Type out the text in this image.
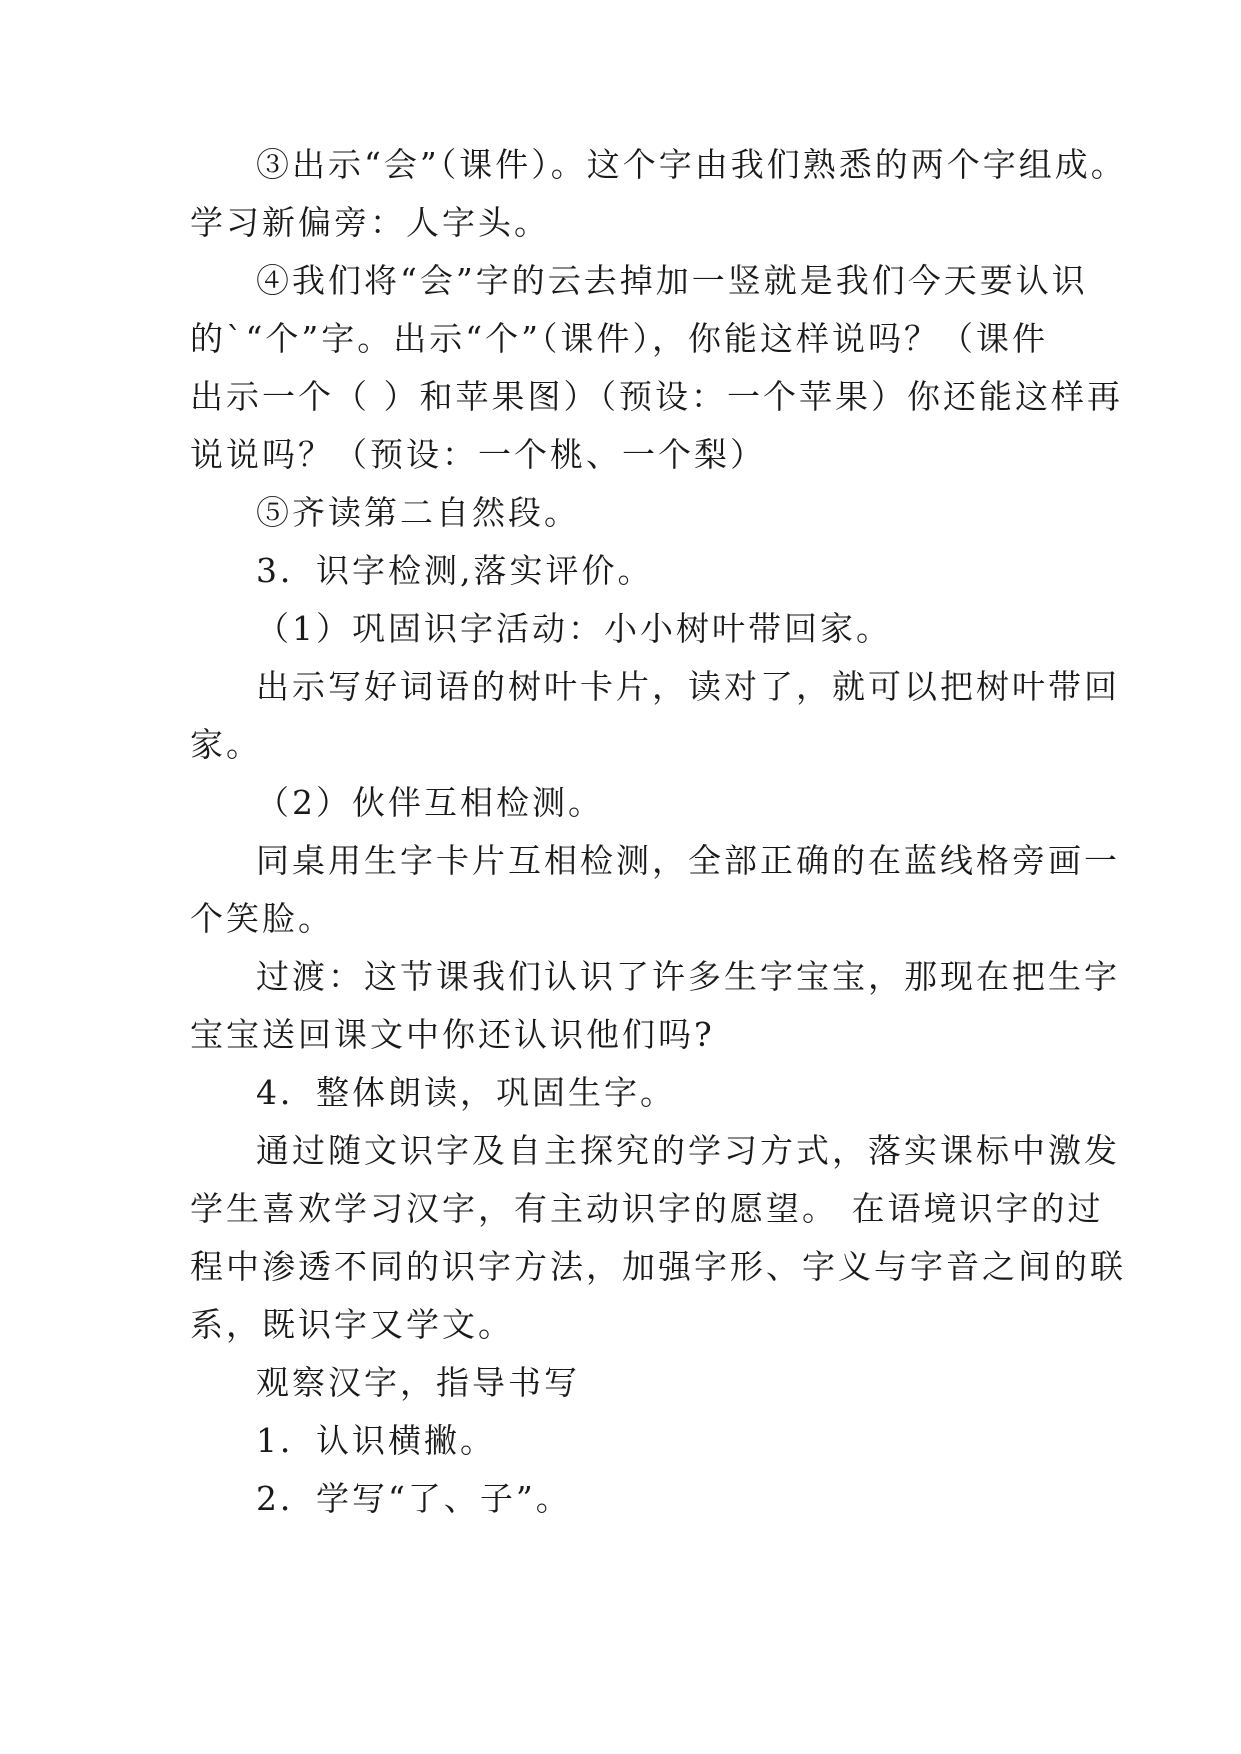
③出示“会”（课件）。这个字由我们熟悉的两个字组成。
学习新偏旁：人字头。
④我们将“会”字的云去掉加一竖就是我们今天要认识
的`“个”字。出示“个”（课件），你能这样说吗？（课件
出示一个（ ）和苹果图）（预设：一个苹果）你还能这样再
说说吗？（预设：一个桃、一个梨）
⑤齐读第二自然段。
3．识字检测,落实评价。
（1）巩固识字活动：小小树叶带回家。
出示写好词语的树叶卡片，读对了，就可以把树叶带回
家。
（2）伙伴互相检测。
同桌用生字卡片互相检测，全部正确的在蓝线格旁画一
个笑脸。
过渡：这节课我们认识了许多生字宝宝，那现在把生字
宝宝送回课文中你还认识他们吗?
4．整体朗读，巩固生字。
通过随文识字及自主探究的学习方式，落实课标中激发
学生喜欢学习汉字，有主动识字的愿望。 在语境识字的过
程中渗透不同的识字方法，加强字形、字义与字音之间的联
系，既识字又学文。
观察汉字，指导书写
1．认识横撇。
2．学写“了、子”。
